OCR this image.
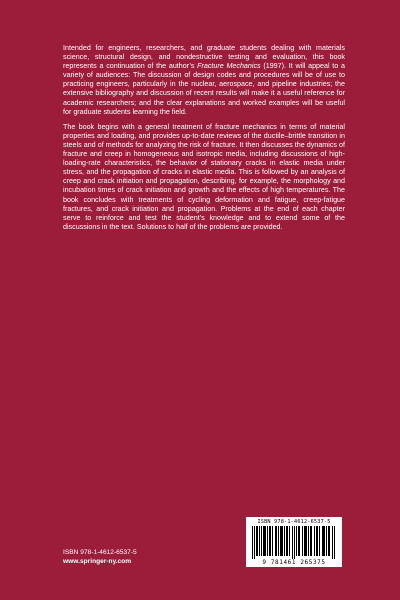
Intended for engineers, researchers, and graduate students dealing with materials science, structural design, and nondestructive testing and evaluation, this book represents a continuation of the author’s Fracture Mechanics (1997). It will appeal to a variety of audiences: The discussion of design codes and procedures will be of use to practicing engineers, particularly in the nuclear, aerospace, and pipeline industries; the extensive bibliography and discussion of recent results will make it a useful reference for academic researchers; and the clear explanations and worked examples will be useful for graduate students learning the field.

The book begins with a general treatment of fracture mechanics in terms of material properties and loading, and provides up-to-date reviews of the ductile–brittle transition in steels and of methods for analyzing the risk of fracture. It then discusses the dynamics of fracture and creep in homogeneous and isotropic media, including discussions of high-loading-rate characteristics, the behavior of stationary cracks in elastic media under stress, and the propagation of cracks in elastic media. This is followed by an analysis of creep and crack initiation and propagation, describing, for example, the morphology and incubation times of crack initiation and growth and the effects of high temperatures. The book concludes with treatments of cycling deformation and fatigue, creep-fatigue fractures, and crack initiation and propagation. Problems at the end of each chapter serve to reinforce and test the student’s knowledge and to extend some of the discussions in the text. Solutions to half of the problems are provided.

ISBN 978-1-4612-6537-5
www.springer-ny.com
ISBN 978-1-4612-6537-5
9 781461 265375
